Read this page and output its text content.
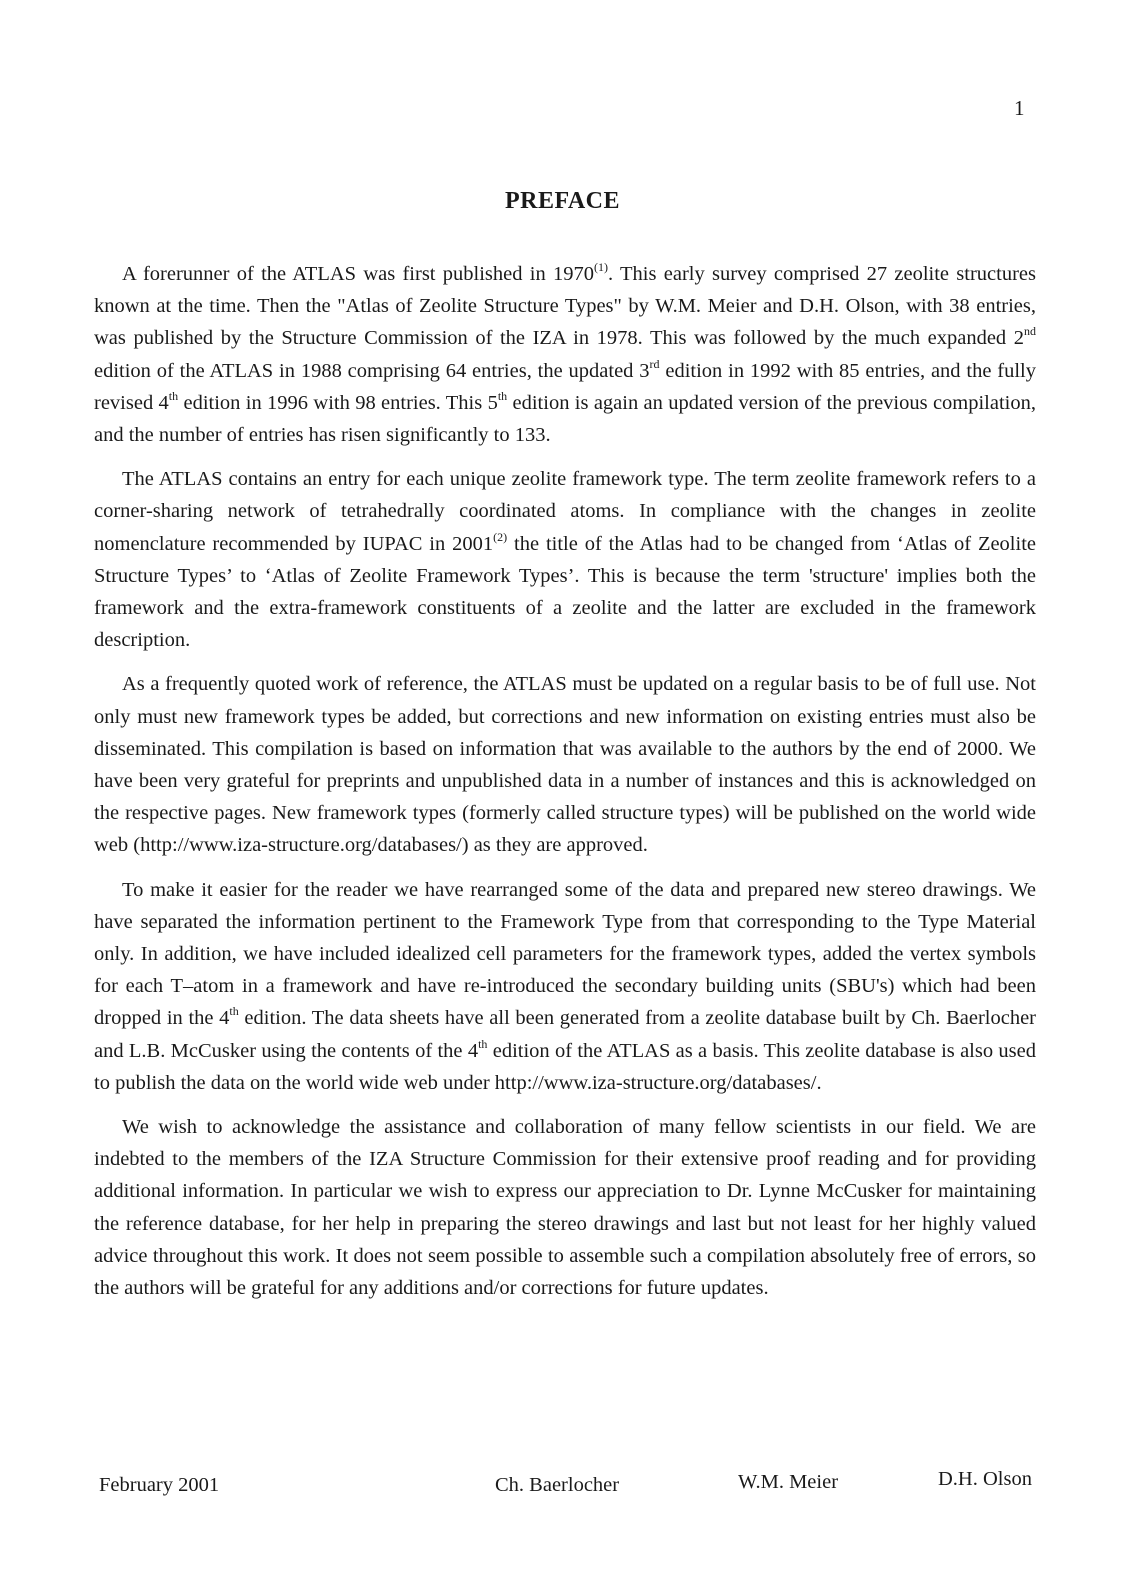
1
PREFACE

A forerunner of the ATLAS was first published in 1970$^{(1)}$. This early survey comprised 27 zeolite structures known at the time. Then the "Atlas of Zeolite Structure Types" by W.M. Meier and D.H. Olson, with 38 entries, was published by the Structure Commission of the IZA in 1978. This was followed by the much expanded 2nd edition of the ATLAS in 1988 comprising 64 entries, the updated 3rd edition in 1992 with 85 entries, and the fully revised 4th edition in 1996 with 98 entries. This 5th edition is again an updated version of the previous compilation, and the number of entries has risen significantly to 133.

The ATLAS contains an entry for each unique zeolite framework type. The term zeolite framework refers to a corner-sharing network of tetrahedrally coordinated atoms. In compliance with the changes in zeolite nomenclature recommended by IUPAC in 2001$^{(2)}$ the title of the Atlas had to be changed from ‘Atlas of Zeolite Structure Types’ to ‘Atlas of Zeolite Framework Types’. This is because the term 'structure' implies both the framework and the extra-framework constituents of a zeolite and the latter are excluded in the framework description.

As a frequently quoted work of reference, the ATLAS must be updated on a regular basis to be of full use. Not only must new framework types be added, but corrections and new information on existing entries must also be disseminated. This compilation is based on information that was available to the authors by the end of 2000. We have been very grateful for preprints and unpublished data in a number of instances and this is acknowledged on the respective pages. New framework types (formerly called structure types) will be published on the world wide web (http://www.iza-structure.org/databases/) as they are approved.

To make it easier for the reader we have rearranged some of the data and prepared new stereo drawings. We have separated the information pertinent to the Framework Type from that corresponding to the Type Material only. In addition, we have included idealized cell parameters for the framework types, added the vertex symbols for each T–atom in a framework and have re-introduced the secondary building units (SBU's) which had been dropped in the 4th edition. The data sheets have all been generated from a zeolite database built by Ch. Baerlocher and L.B. McCusker using the contents of the 4th edition of the ATLAS as a basis. This zeolite database is also used to publish the data on the world wide web under http://www.iza-structure.org/databases/.

We wish to acknowledge the assistance and collaboration of many fellow scientists in our field. We are indebted to the members of the IZA Structure Commission for their extensive proof reading and for providing additional information. In particular we wish to express our appreciation to Dr. Lynne McCusker for maintaining the reference database, for her help in preparing the stereo drawings and last but not least for her highly valued advice throughout this work. It does not seem possible to assemble such a compilation absolutely free of errors, so the authors will be grateful for any additions and/or corrections for future updates.

February 2001	Ch. Baerlocher	W.M. Meier	D.H. Olson
